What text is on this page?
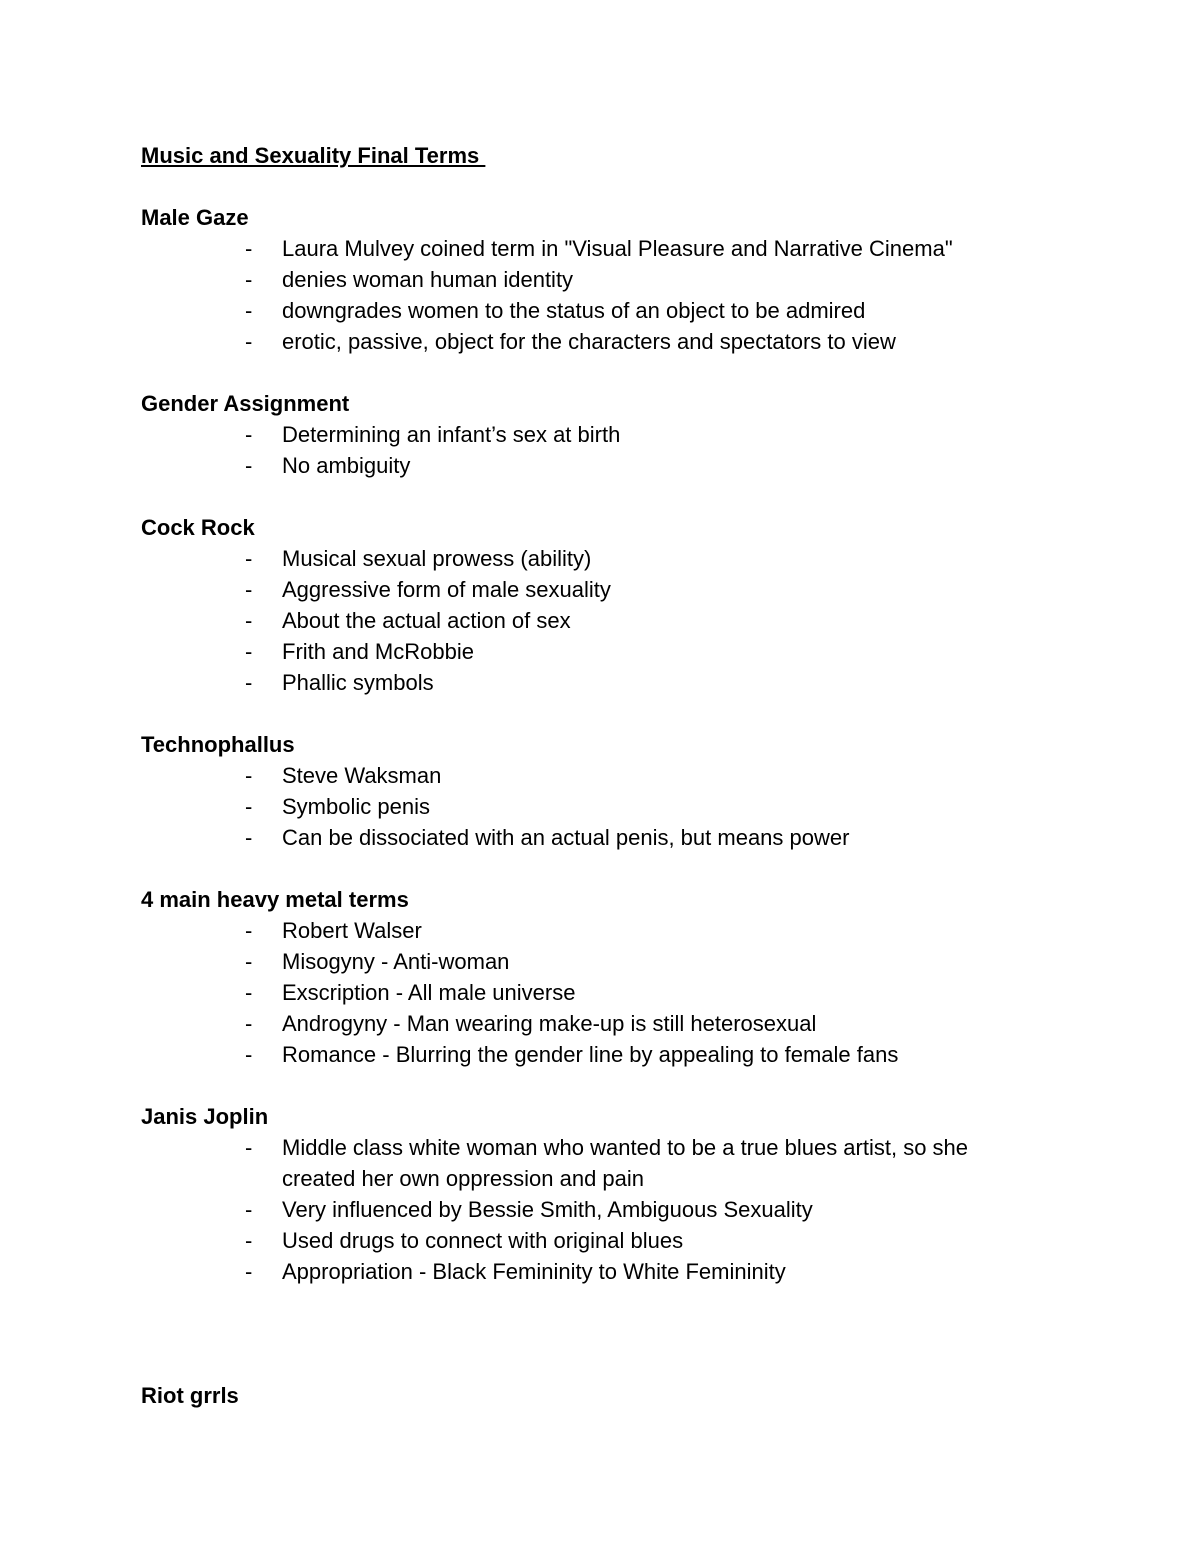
Music and Sexuality Final Terms
Male Gaze
-	Laura Mulvey coined term in "Visual Pleasure and Narrative Cinema"
-	denies woman human identity
-	downgrades women to the status of an object to be admired
-	erotic, passive, object for the characters and spectators to view
Gender Assignment
-	Determining an infant’s sex at birth
-	No ambiguity
Cock Rock
-	Musical sexual prowess (ability)
-	Aggressive form of male sexuality
-	About the actual action of sex
-	Frith and McRobbie
-	Phallic symbols
Technophallus
-	Steve Waksman
-	Symbolic penis
-	Can be dissociated with an actual penis, but means power
4 main heavy metal terms
-	Robert Walser
-	Misogyny - Anti-woman
-	Exscription - All male universe
-	Androgyny - Man wearing make-up is still heterosexual
-	Romance - Blurring the gender line by appealing to female fans
Janis Joplin
-	Middle class white woman who wanted to be a true blues artist, so she created her own oppression and pain
-	Very influenced by Bessie Smith, Ambiguous Sexuality
-	Used drugs to connect with original blues
-	Appropriation - Black Femininity to White Femininity
Riot grrls
